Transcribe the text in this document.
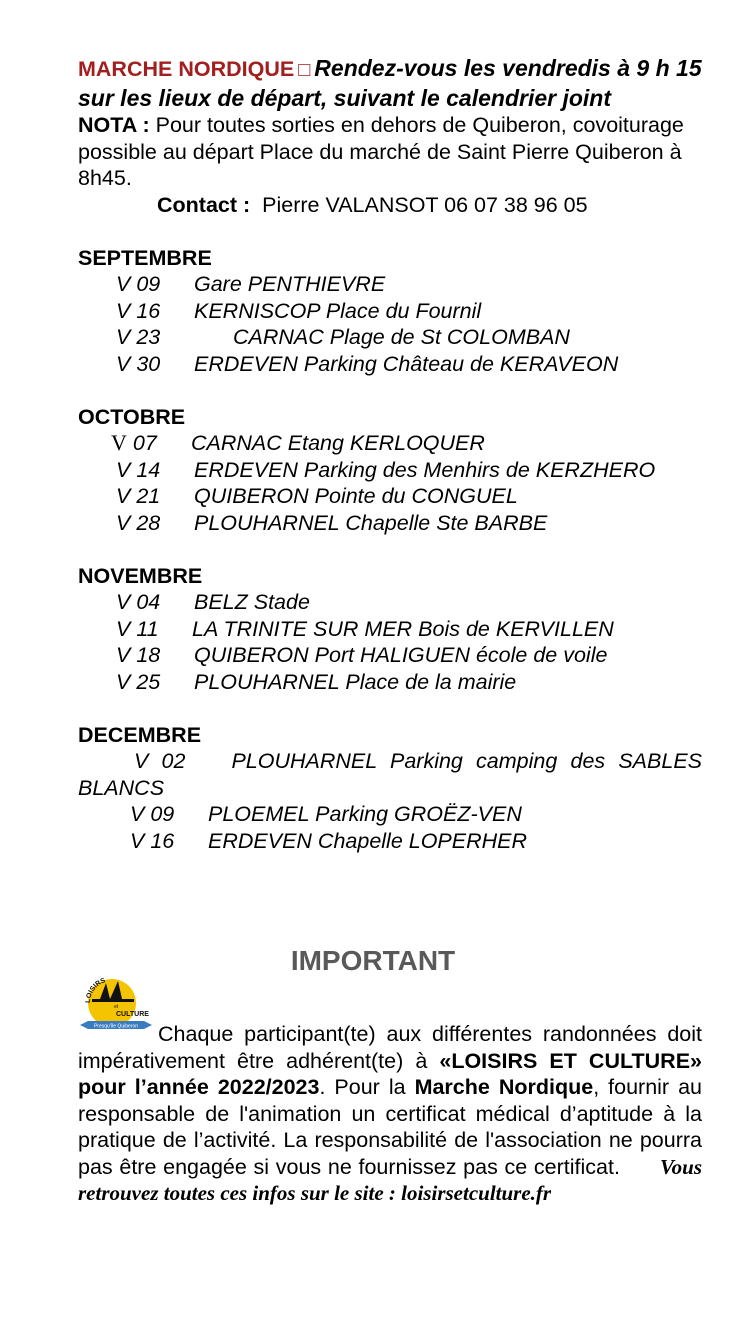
MARCHE NORDIQUE □ Rendez-vous les vendredis à 9 h 15 sur les lieux de départ, suivant le calendrier joint

NOTA : Pour toutes sorties en dehors de Quiberon, covoiturage possible au départ Place du marché de Saint Pierre Quiberon à 8h45.

Contact :  Pierre VALANSOT 06 07 38 96 05

SEPTEMBRE

V 09 Gare PENTHIEVRE
V 16 KERNISCOP Place du Fournil
V 23	CARNAC Plage de St COLOMBAN
V 30 ERDEVEN Parking Château de KERAVEON

OCTOBRE

V 07 CARNAC Etang KERLOQUER
V 14 ERDEVEN Parking des Menhirs de KERZHERO
V 21 QUIBERON Pointe du CONGUEL
V 28 PLOUHARNEL Chapelle Ste BARBE

NOVEMBRE

V 04 BELZ Stade
V 11 LA TRINITE SUR MER Bois de KERVILLEN
V 18 QUIBERON Port HALIGUEN école de voile
V 25 PLOUHARNEL Place de la mairie

DECEMBRE

V 02 PLOUHARNEL Parking camping des SABLES BLANCS
V 09 PLOEMEL Parking GROËZ-VEN
V 16 ERDEVEN Chapelle LOPERHER
IMPORTANT
LOISIRS
et
CULTURE
Presqu'île Quiberon Chaque participant(te) aux différentes randonnées doit impérativement être adhérent(te) à «LOISIRS ET CULTURE» pour l’année 2022/2023. Pour la Marche Nordique, fournir au responsable de l'animation un certificat médical d’aptitude à la pratique de l’activité. La responsabilité de l'association ne pourra pas être engagée si vous ne fournissez pas ce certificat. Vous retrouvez toutes ces infos sur le site : loisirsetculture.fr
